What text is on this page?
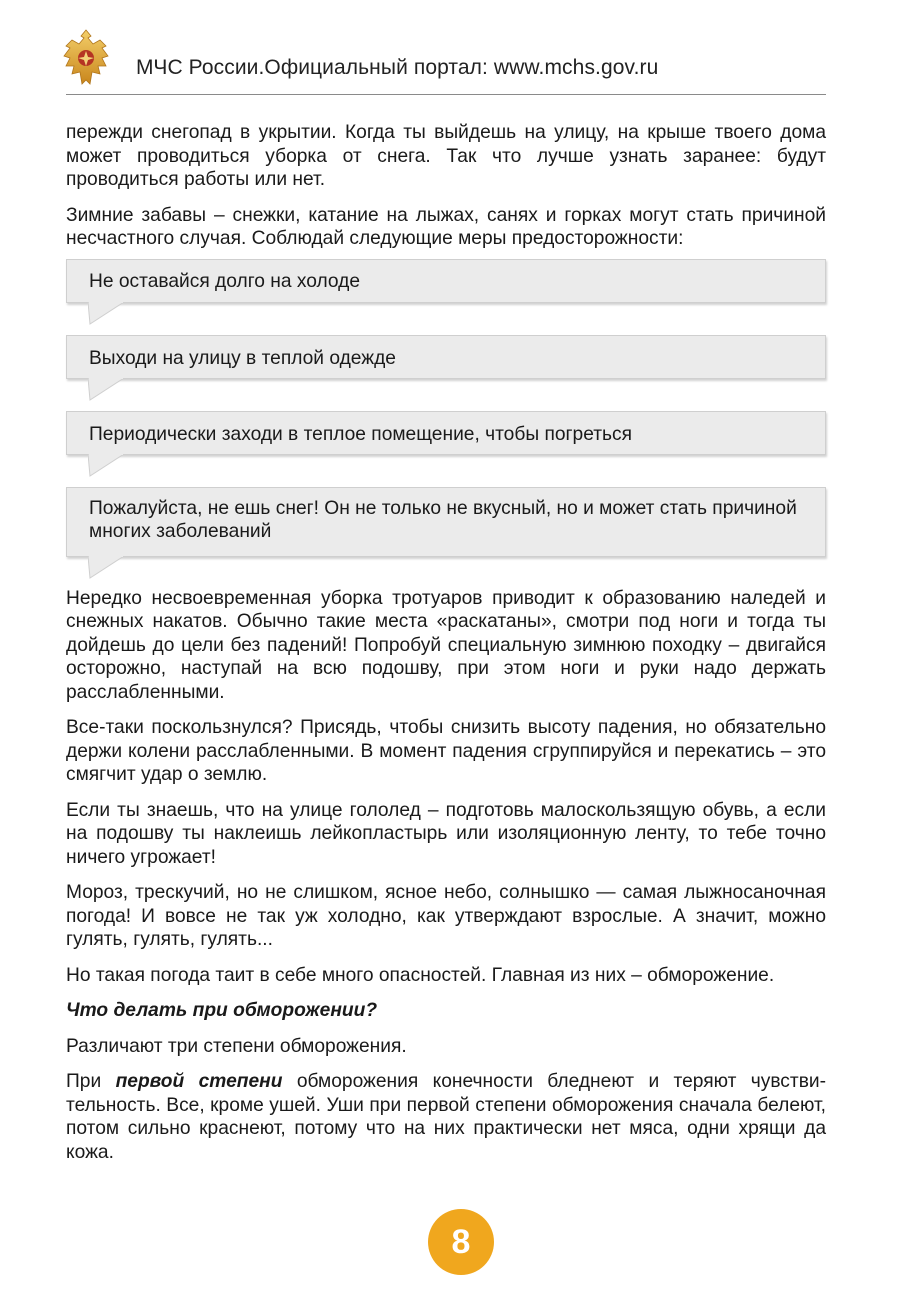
МЧС России.Официальный портал: www.mchs.gov.ru

пережди снегопад в укрытии. Когда ты выйдешь на улицу, на крыше твоего дома может проводиться уборка от снега. Так что лучше узнать заранее: будут проводиться работы или нет.

Зимние забавы – снежки, катание на лыжах, санях и горках могут стать причиной несчастного случая. Соблюдай следующие меры предосторожности:

Не оставайся долго на холоде
Выходи на улицу в теплой одежде
Периодически заходи в теплое помещение, чтобы погреться
Пожалуйста, не ешь снег! Он не только не вкусный, но и может стать причиной многих заболеваний

Нередко несвоевременная уборка тротуаров приводит к образованию наледей и снежных накатов. Обычно такие места «раскатаны», смотри под ноги и тогда ты дойдешь до цели без падений! Попробуй специальную зимнюю походку – двигайся осторожно, наступай на всю подошву, при этом ноги и руки надо держать расслабленными.

Все-таки поскользнулся? Присядь, чтобы снизить высоту падения, но обязательно держи колени расслабленными. В момент падения сгруппируйся и перекатись – это смягчит удар о землю.

Если ты знаешь, что на улице гололед – подготовь малоскользящую обувь, а если на подошву ты наклеишь лейкопластырь или изоляционную ленту, то тебе точно ничего угрожает!

Мороз, трескучий, но не слишком, ясное небо, солнышко — самая лыжносаночная погода! И вовсе не так уж холодно, как утверждают взрослые. А значит, можно гулять, гулять, гулять...

Но такая погода таит в себе много опасностей. Главная из них – обморожение.

Что делать при обморожении?

Различают три степени обморожения.

При первой степени обморожения конечности бледнеют и теряют чувстви-тельность. Все, кроме ушей. Уши при первой степени обморожения сначала белеют, потом сильно краснеют, потому что на них практически нет мяса, одни хрящи да кожа.

8
